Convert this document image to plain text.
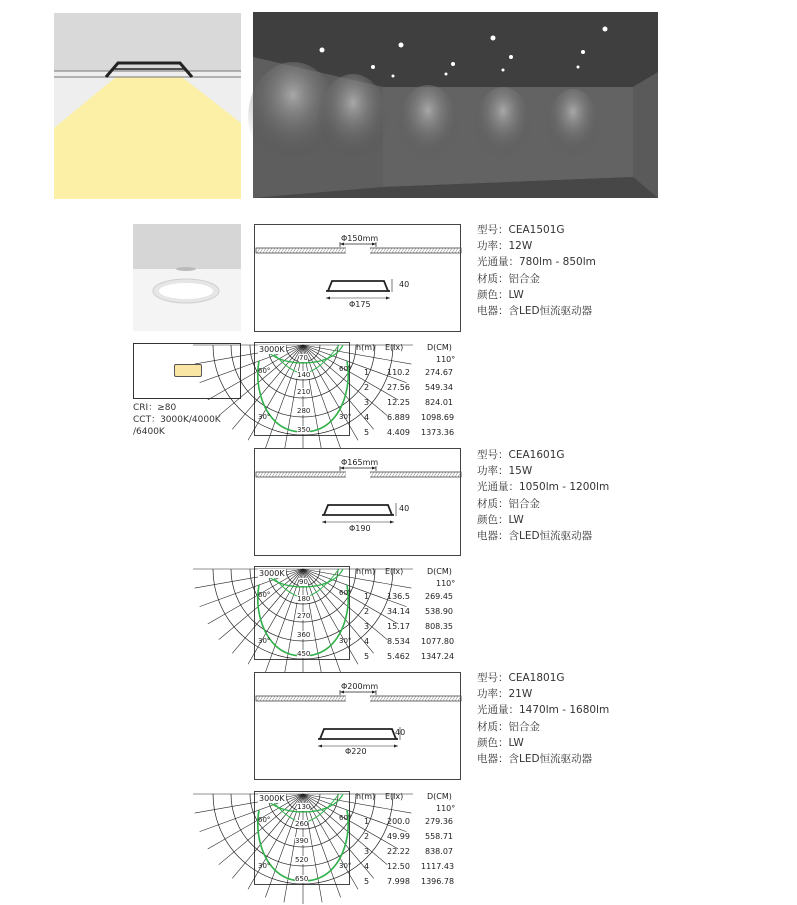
CRI：≥80
CCT：3000K/4000K
/6400K
Φ150mm
40
Φ175
3000K
70
140
210
280
350
60°	60°
30°	30°
h(m) E(lx)	D(CM)
110°
1 110.2 274.67
2 27.56 549.34
3 12.25 824.01
4 6.889 1098.69
5 4.409 1373.36
型号：CEA1501G
功率：12W
光通量：780lm - 850lm
材质：铝合金
颜色：LW
电器：含LED恒流驱动器
Φ165mm
40
Φ190
3000K
90
180
270
360
450
60°	60°
30°	30°
h(m) E(lx)	D(CM)
110°
1 136.5 269.45
2 34.14 538.90
3 15.17 808.35
4 8.534 1077.80
5 5.462 1347.24
型号：CEA1601G
功率：15W
光通量：1050lm - 1200lm
材质：铝合金
颜色：LW
电器：含LED恒流驱动器
Φ200mm
40
Φ220
3000K
130
260
390
520
650
60°	60°
30°	30°
h(m) E(lx)	D(CM)
110°
1 200.0 279.36
2 49.99 558.71
3 22.22 838.07
4 12.50 1117.43
5 7.998 1396.78
型号：CEA1801G
功率：21W
光通量：1470lm - 1680lm
材质：铝合金
颜色：LW
电器：含LED恒流驱动器
